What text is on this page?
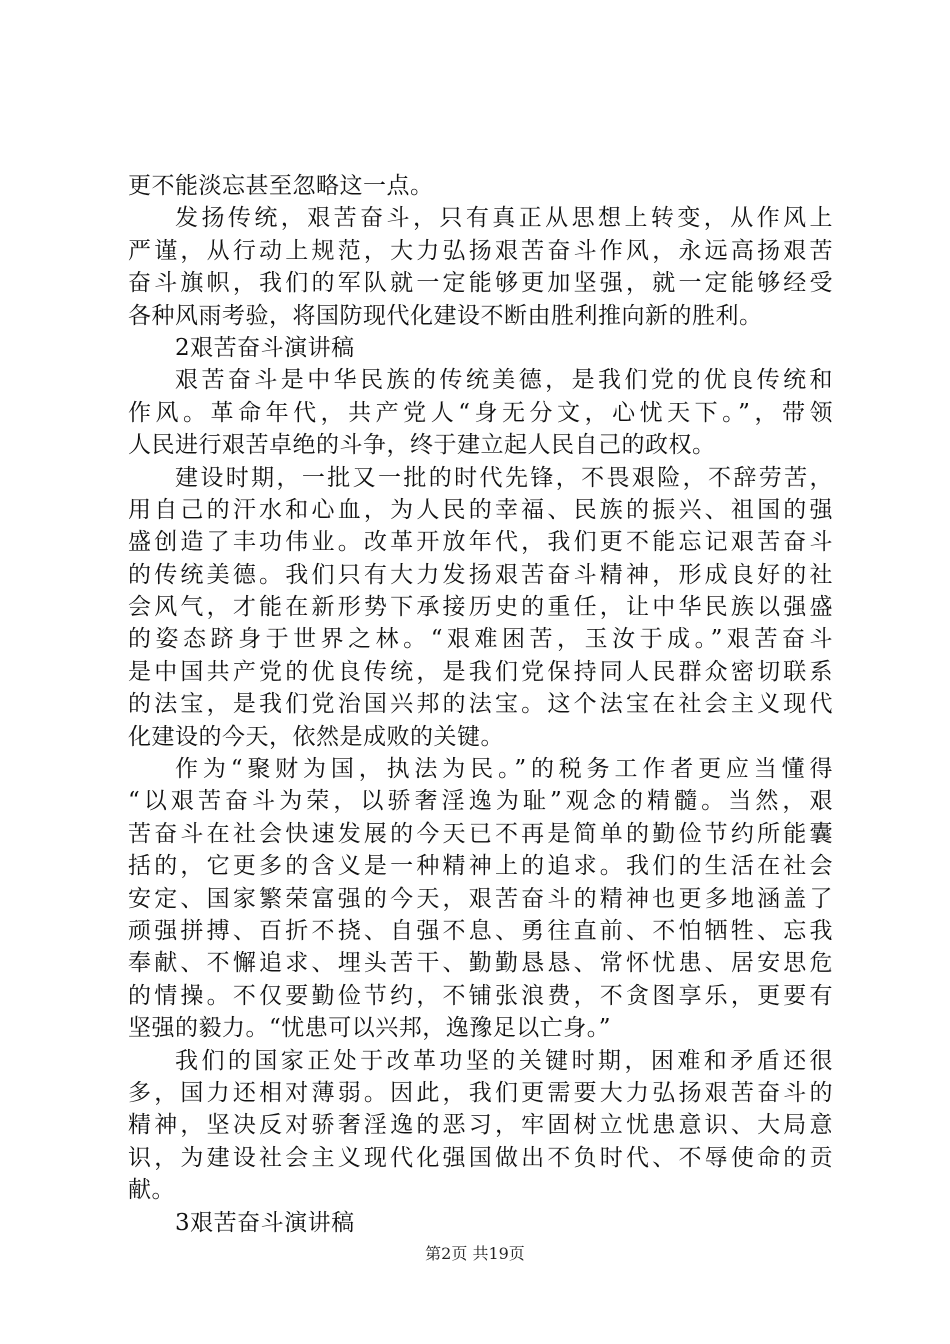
更不能淡忘甚至忽略这一点。
发扬传统，艰苦奋斗，只有真正从思想上转变，从作风上
严谨，从行动上规范，大力弘扬艰苦奋斗作风，永远高扬艰苦
奋斗旗帜，我们的军队就一定能够更加坚强，就一定能够经受
各种风雨考验，将国防现代化建设不断由胜利推向新的胜利。
2艰苦奋斗演讲稿
艰苦奋斗是中华民族的传统美德，是我们党的优良传统和
作风。革命年代，共产党人“身无分文，心忧天下。”，带领
人民进行艰苦卓绝的斗争，终于建立起人民自己的政权。
建设时期，一批又一批的时代先锋，不畏艰险，不辞劳苦，
用自己的汗水和心血，为人民的幸福、民族的振兴、祖国的强
盛创造了丰功伟业。改革开放年代，我们更不能忘记艰苦奋斗
的传统美德。我们只有大力发扬艰苦奋斗精神，形成良好的社
会风气，才能在新形势下承接历史的重任，让中华民族以强盛
的姿态跻身于世界之林。“艰难困苦，玉汝于成。”艰苦奋斗
是中国共产党的优良传统，是我们党保持同人民群众密切联系
的法宝，是我们党治国兴邦的法宝。这个法宝在社会主义现代
化建设的今天，依然是成败的关键。
作为“聚财为国，执法为民。”的税务工作者更应当懂得
“以艰苦奋斗为荣，以骄奢淫逸为耻”观念的精髓。当然，艰
苦奋斗在社会快速发展的今天已不再是简单的勤俭节约所能囊
括的，它更多的含义是一种精神上的追求。我们的生活在社会
安定、国家繁荣富强的今天，艰苦奋斗的精神也更多地涵盖了
顽强拼搏、百折不挠、自强不息、勇往直前、不怕牺牲、忘我
奉献、不懈追求、埋头苦干、勤勤恳恳、常怀忧患、居安思危
的情操。不仅要勤俭节约，不铺张浪费，不贪图享乐，更要有
坚强的毅力。“忧患可以兴邦，逸豫足以亡身。”
我们的国家正处于改革功坚的关键时期，困难和矛盾还很
多，国力还相对薄弱。因此，我们更需要大力弘扬艰苦奋斗的
精神，坚决反对骄奢淫逸的恶习，牢固树立忧患意识、大局意
识，为建设社会主义现代化强国做出不负时代、不辱使命的贡
献。
3艰苦奋斗演讲稿
第2页 共19页
